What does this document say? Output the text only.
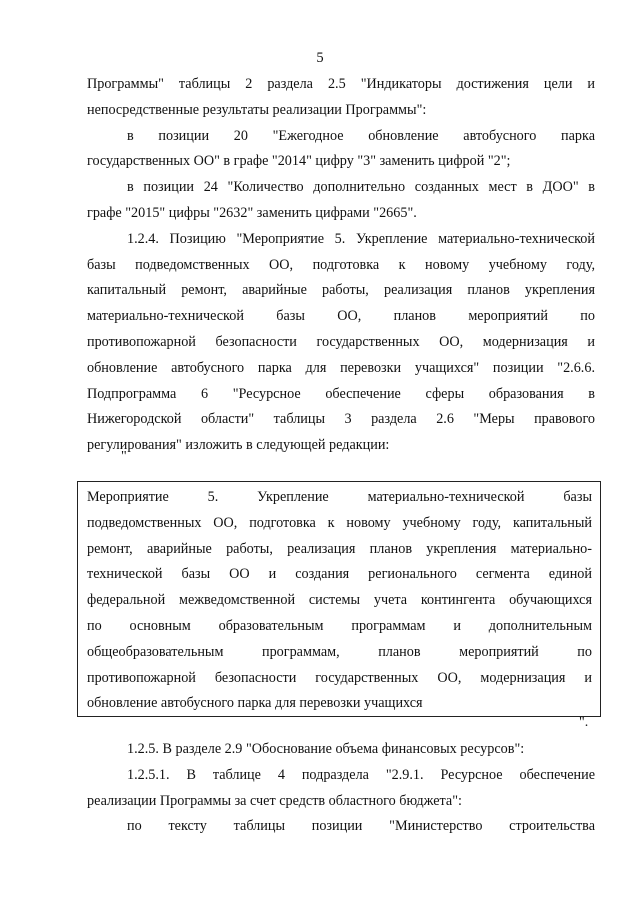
5

Программы" таблицы 2 раздела 2.5 "Индикаторы достижения цели и

непосредственные результаты реализации Программы":

в позиции 20 "Ежегодное обновление автобусного парка

государственных ОО" в графе "2014" цифру "3" заменить цифрой "2";

в позиции 24 "Количество дополнительно созданных мест в ДОО" в

графе "2015" цифры "2632" заменить цифрами "2665".

1.2.4. Позицию "Мероприятие 5. Укрепление материально-технической

базы подведомственных ОО, подготовка к новому учебному году,

капитальный ремонт, аварийные работы, реализация планов укрепления

материально-технической базы ОО, планов мероприятий по

противопожарной безопасности государственных ОО, модернизация и

обновление автобусного парка для перевозки учащихся" позиции "2.6.6.

Подпрограмма 6 "Ресурсное обеспечение сферы образования в

Нижегородской области" таблицы 3 раздела 2.6 "Меры правового

регулирования" изложить в следующей редакции:

"

Мероприятие 5. Укрепление материально-технической базы

подведомственных ОО, подготовка к новому учебному году, капитальный

ремонт, аварийные работы, реализация планов укрепления материально-

технической базы ОО и создания регионального сегмента единой

федеральной межведомственной системы учета контингента обучающихся

по основным образовательным программам и дополнительным

общеобразовательным программам, планов мероприятий по

противопожарной безопасности государственных ОО, модернизация и

обновление автобусного парка для перевозки учащихся

".

1.2.5. В разделе 2.9 "Обоснование объема финансовых ресурсов":

1.2.5.1. В таблице 4 подраздела "2.9.1. Ресурсное обеспечение

реализации Программы за счет средств областного бюджета":

по тексту таблицы позиции "Министерство строительства
